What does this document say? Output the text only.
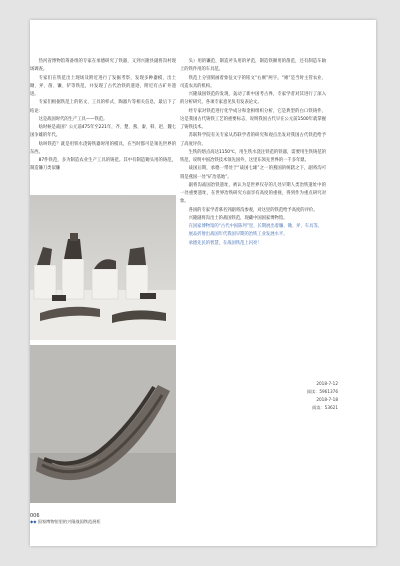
热河省博物馆筹备组的专家在承德研究了铁器，又到兴隆县副将沟村现场调查。

专家们在铁范出土现场及附近进行了发掘考察，发现多种器模，出土锄、斧、凿、镰、铲等铁范，并发现了古代冶铁的遗迹，附近有古矿井遗迹。

专家们根据铁范上的铭文、工具的样式、陶器片等相关信息，最后下了结论：

这是战国时代的生产工具——铁范。

啥时候是战国？公元前475年至221年，齐、楚、燕、秦、韩、赵、魏七国争雄的年代。

啥叫铁范？就是用铁水浇铸铁器时用的模具，在当时都可是领先世界的东西。

87件铁范，多为制造农业生产工具的铸范。其中有制造锄头用的铸范，制造镰刀类似镰

头）用的镰范，制造斧头用的斧范，制造铁镢用的凿范，还有制造车轴上的铁件用的车具范。

铁范上分别刻画着象征文字的铭文“右廪”两字。“廪”是当时主管农业、司造农具的机构。

兴隆战国铁范的发现，轰动了新中国考古界，专家学者对其进行了深入的分析研究，各项专家意见负有发表论文。

经专家对铁范进行化学成分和金相组织分析，它是典型的白口铁铸件，这是我国古代铸铁工艺的重要标志，说明我国古代早在公元前1500年就掌握了铸铁技术。

苏联科学院有关专家从苏联学者的研究和观点出发对我国古代铁范给予了高度评价。

生铁的熔点高达1150℃，用生铁水浇注铁范的铁器，需要用生铁铸范的铁范，说明中国冶铁技术领先国外，这里东领先世界的一千多年鼎。

战国后期，承德一带处于“战国七雄”之一的燕国的统辖之下，副将沟可谓是燕国一处“矿冶基地”。

副将沟战国冶铁遗址，被认为是世界仅存的几处早期人类冶铁遗址中的一处重要遗址，在世界冶铁研究方面享有高度的重视，得到作为重点研究对象。

各国的专家学者慕名到副将沟参观，对这里的铁范给予高度的评价。

兴隆副将沟出土的战国铁范，现藏中国国家博物馆。

在国家博物馆的“古代中国陈列”里，长期展出着镰、锄、斧、车具等。

展品折射出战国年代我国早期的冶铁工业发展水平。

承德先民的智慧，在战国铁范上闪亮！

2018-7-12
阅读：5961376
2018-7-18
阅读：53621
◆◆ 国家博物馆里的兴隆战国铁范展柜
006
